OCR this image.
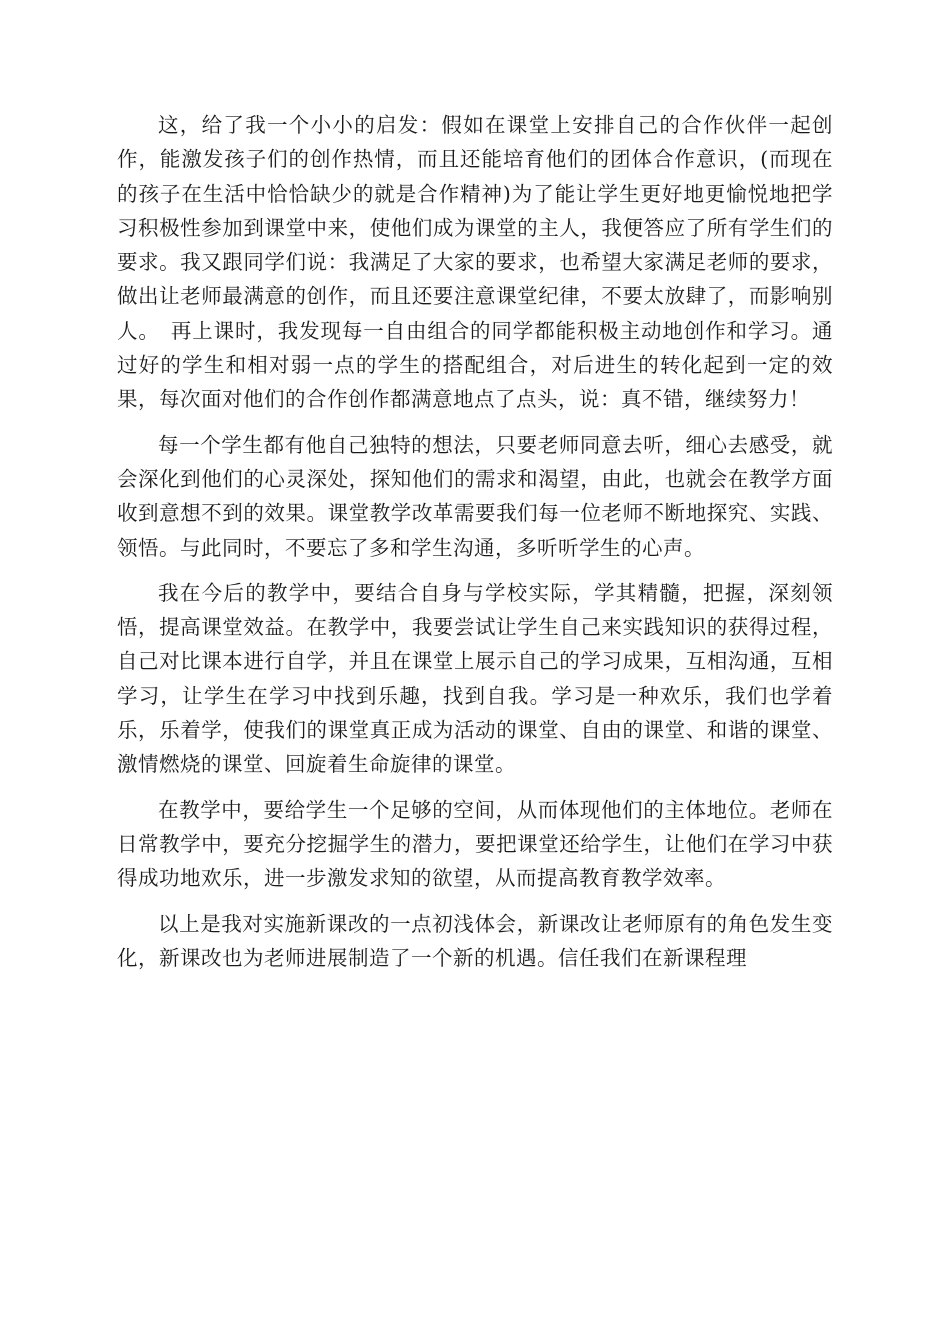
这，给了我一个小小的启发：假如在课堂上安排自己的合作伙伴一起创作，能激发孩子们的创作热情，而且还能培育他们的团体合作意识，(而现在的孩子在生活中恰恰缺少的就是合作精神)为了能让学生更好地更愉悦地把学习积极性参加到课堂中来，使他们成为课堂的主人，我便答应了所有学生们的要求。我又跟同学们说：我满足了大家的要求，也希望大家满足老师的要求，做出让老师最满意的创作，而且还要注意课堂纪律，不要太放肆了，而影响别人。　再上课时，我发现每一自由组合的同学都能积极主动地创作和学习。通过好的学生和相对弱一点的学生的搭配组合，对后进生的转化起到一定的效果，每次面对他们的合作创作都满意地点了点头，说：真不错，继续努力！

每一个学生都有他自己独特的想法，只要老师同意去听，细心去感受，就会深化到他们的心灵深处，探知他们的需求和渴望，由此，也就会在教学方面收到意想不到的效果。课堂教学改革需要我们每一位老师不断地探究、实践、领悟。与此同时，不要忘了多和学生沟通，多听听学生的心声。

我在今后的教学中，要结合自身与学校实际，学其精髓，把握，深刻领悟，提高课堂效益。在教学中，我要尝试让学生自己来实践知识的获得过程，自己对比课本进行自学，并且在课堂上展示自己的学习成果，互相沟通，互相学习，让学生在学习中找到乐趣，找到自我。学习是一种欢乐，我们也学着乐，乐着学，使我们的课堂真正成为活动的课堂、自由的课堂、和谐的课堂、激情燃烧的课堂、回旋着生命旋律的课堂。

在教学中，要给学生一个足够的空间，从而体现他们的主体地位。老师在日常教学中，要充分挖掘学生的潜力，要把课堂还给学生，让他们在学习中获得成功地欢乐，进一步激发求知的欲望，从而提高教育教学效率。

以上是我对实施新课改的一点初浅体会，新课改让老师原有的角色发生变化，新课改也为老师进展制造了一个新的机遇。信任我们在新课程理
